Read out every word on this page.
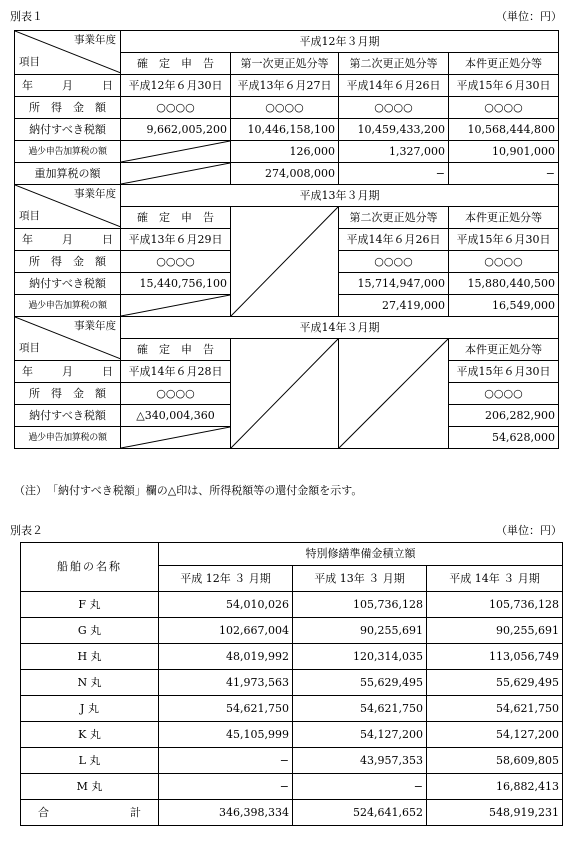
別表１	（単位：円）
事業年度
項目	平成12年３月期			
	確　定　申　告	第一次更正処分等	第二次更正処分等	本件更正処分等

年 月 日	平成12年６月30日	平成13年６月27日	平成14年６月26日	平成15年６月30日
所　得　金　額	○○○○	○○○○	○○○○	○○○○
納付すべき税額	9,662,005,200	10,446,158,100	10,459,433,200	10,568,444,800
過少申告加算税の額		126,000	1,327,000	10,901,000
重加算税の額		274,008,000	−	−

事業年度
項目	平成13年３月期			
	確　定　申　告		第二次更正処分等	本件更正処分等

年 月 日	平成13年６月29日		平成14年６月26日	平成15年６月30日
所　得　金　額	○○○○		○○○○	○○○○
納付すべき税額	15,440,756,100		15,714,947,000	15,880,440,500
過少申告加算税の額			27,419,000	16,549,000

事業年度
項目	平成14年３月期			
	確　定　申　告			本件更正処分等

年 月 日	平成14年６月28日			平成15年６月30日
所　得　金　額	○○○○			○○○○
納付すべき税額	△340,004,360			206,282,900
過少申告加算税の額				54,628,000
（注）　「納付すべき税額」欄の△印は、所得税額等の還付金額を示す。
別表２	（単位：円）
船舶の名称	特別修繕準備金積立額		
	平成 12年 ３ 月期	平成 13年 ３ 月期	平成 14年 ３ 月期
F 丸	54,010,026	105,736,128	105,736,128
G 丸	102,667,004	90,255,691	90,255,691
H 丸	48,019,992	120,314,035	113,056,749
N 丸	41,973,563	55,629,495	55,629,495
J 丸	54,621,750	54,621,750	54,621,750
K 丸	45,105,999	54,127,200	54,127,200
L 丸	−	43,957,353	58,609,805
M 丸	−	−	16,882,413

合 計	346,398,334	524,641,652	548,919,231
